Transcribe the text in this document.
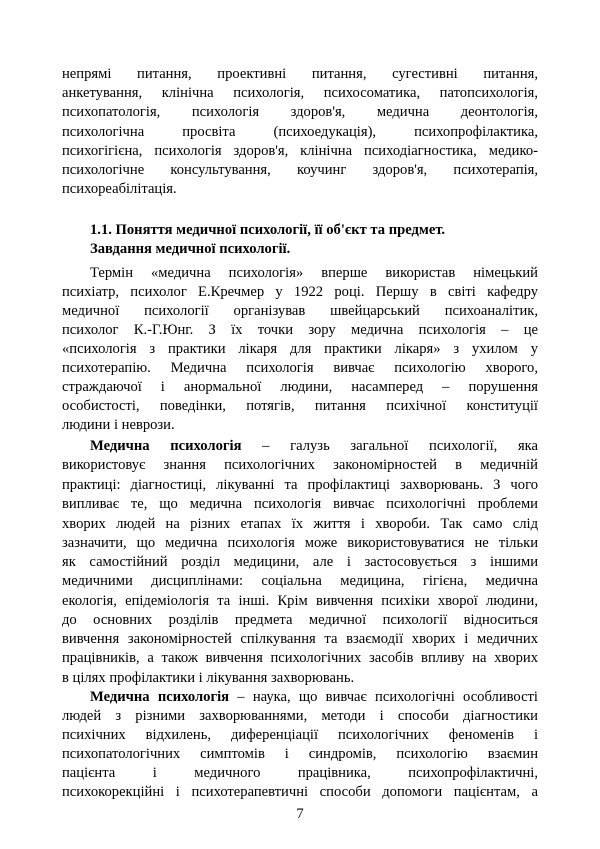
непрямі питання, проективні питання, сугестивні питання,
анкетування, клінічна психологія, психосоматика, патопсихологія,
психопатологія, психологія здоров'я, медична деонтологія,
психологічна просвіта (психоедукація), психопрофілактика,
психогігієна, психологія здоров'я, клінічна психодіагностика, медико-
психологічне консультування, коучинг здоров'я, психотерапія,
психореабілітація.
1.1. Поняття медичної психології, її об'єкт та предмет.
Завдання медичної психології.
Термін «медична психологія» вперше використав німецький
психіатр, психолог Е.Кречмер у 1922 році. Першу в світі кафедру
медичної психології організував швейцарський психоаналітик,
психолог К.-Г.Юнг. З їх точки зору медична психологія – це
«психологія з практики лікаря для практики лікаря» з ухилом у
психотерапію. Медична психологія вивчає психологію хворого,
страждаючої і анормальної людини, насамперед – порушення
особистості, поведінки, потягів, питання психічної конституції
людини і неврози.
Медична психологія – галузь загальної психології, яка
використовує знання психологічних закономірностей в медичній
практиці: діагностиці, лікуванні та профілактиці захворювань. З чого
випливає те, що медична психологія вивчає психологічні проблеми
хворих людей на різних етапах їх життя і хвороби. Так само слід
зазначити, що медична психологія може використовуватися не тільки
як самостійний розділ медицини, але і застосовується з іншими
медичними дисциплінами: соціальна медицина, гігієна, медична
екологія, епідеміологія та інші. Крім вивчення психіки хворої людини,
до основних розділів предмета медичної психології відноситься
вивчення закономірностей спілкування та взаємодії хворих і медичних
працівників, а також вивчення психологічних засобів впливу на хворих
в цілях профілактики і лікування захворювань.
Медична психологія – наука, що вивчає психологічні особливості
людей з різними захворюваннями, методи і способи діагностики
психічних відхилень, диференціації психологічних феноменів і
психопатологічних симптомів і синдромів, психологію взаємин
пацієнта і медичного працівника, психопрофілактичні,
психокорекційні і психотерапевтичні способи допомоги пацієнтам, а
7
